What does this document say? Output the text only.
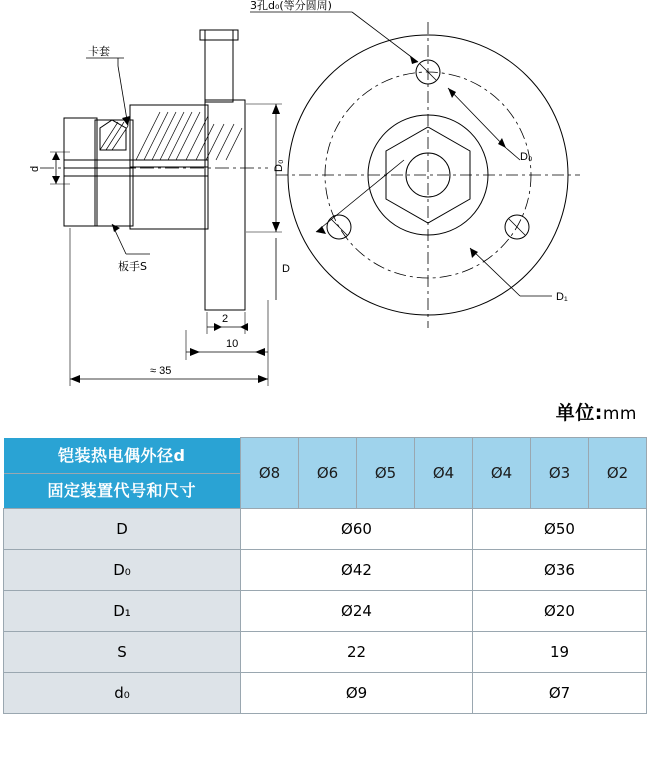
3孔d₀(等分圆周)
卡套
板手S
d	D₀
D
2
10
≈ 35
D₀
D₁
单位:mm
铠装热电偶外径d
固定装置代号和尺寸	Ø8	Ø6	Ø5	Ø4	Ø4	Ø3	Ø2
D	Ø60				Ø50		
D₀	Ø42				Ø36		
D₁	Ø24				Ø20		
S	22				19		
d₀	Ø9				Ø7		
